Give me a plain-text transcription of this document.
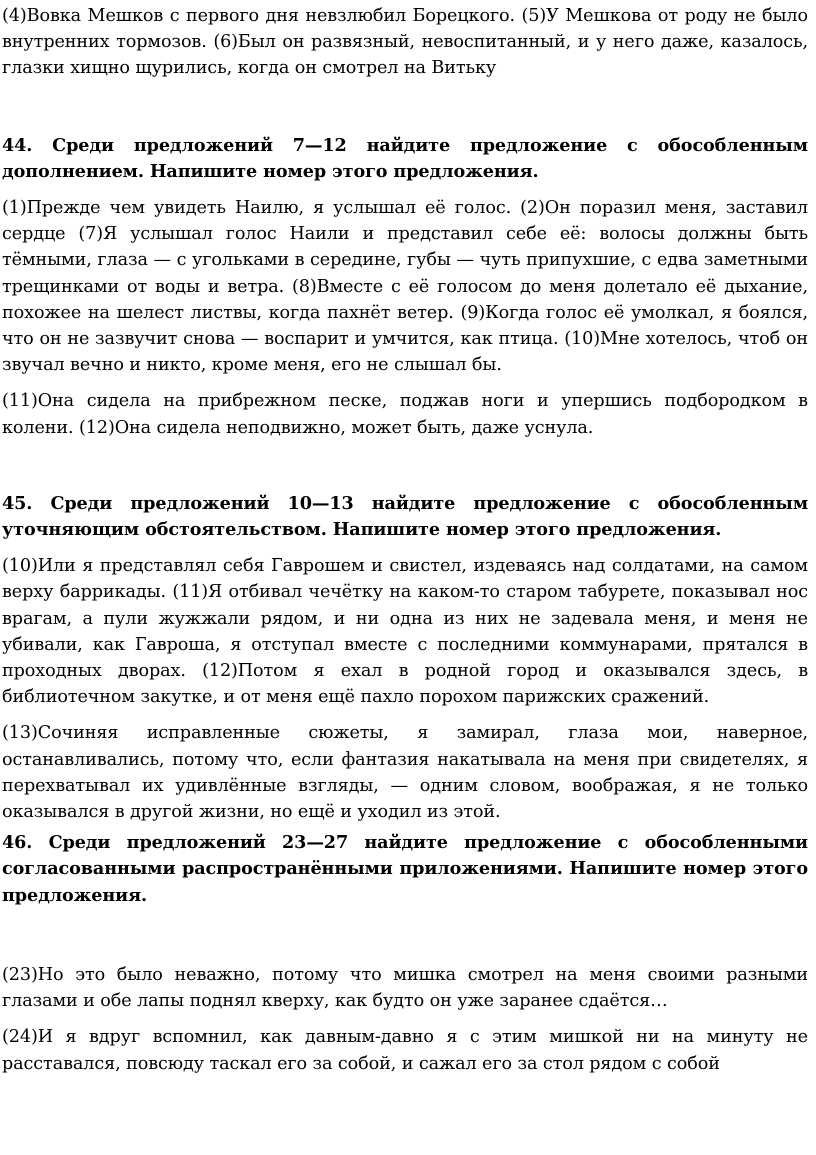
(4)Вовка Мешков с первого дня невзлюбил Борецкого. (5)У Мешкова от роду не было внутренних тормозов. (6)Был он развязный, невоспитанный, и у него даже, казалось, глазки хищно щурились, когда он смотрел на Витьку

44. Среди предложений 7—12 найдите предложение с обособленным дополнением. Напишите номер этого предложения.

(1)Прежде чем увидеть Наилю, я услышал её голос. (2)Он поразил меня, заставил сердце (7)Я услышал голос Наили и представил себе её: волосы должны быть тёмными, глаза — с угольками в середине, губы — чуть припухшие, с едва заметными трещинками от воды и ветра. (8)Вместе с её голосом до меня долетало её дыхание, похожее на шелест листвы, когда пахнёт ветер. (9)Когда голос её умолкал, я боялся, что он не зазвучит снова — воспарит и умчится, как птица. (10)Мне хотелось, чтоб он звучал вечно и никто, кроме меня, его не слышал бы.

(11)Она сидела на прибрежном песке, поджав ноги и упершись подбородком в колени. (12)Она сидела неподвижно, может быть, даже уснула.

45. Среди предложений 10—13 найдите предложение с обособленным уточняющим обстоятельством. Напишите номер этого предложения.

(10)Или я представлял себя Гаврошем и свистел, издеваясь над солдатами, на самом верху баррикады. (11)Я отбивал чечётку на каком-то старом табурете, показывал нос врагам, а пули жужжали рядом, и ни одна из них не задевала меня, и меня не убивали, как Гавроша, я отступал вместе с последними коммунарами, прятался в проходных дворах. (12)Потом я ехал в родной город и оказывался здесь, в библиотечном закутке, и от меня ещё пахло порохом парижских сражений.

(13)Сочиняя исправленные сюжеты, я замирал, глаза мои, наверное, останавливались, потому что, если фантазия накатывала на меня при свидетелях, я перехватывал их удивлённые взгляды, — одним словом, воображая, я не только оказывался в другой жизни, но ещё и уходил из этой.

46. Среди предложений 23—27 найдите предложение с обособленными согласованными распространёнными приложениями. Напишите номер этого предложения.

(23)Но это было неважно, потому что мишка смотрел на меня своими разными глазами и обе лапы поднял кверху, как будто он уже заранее сдаётся…

(24)И я вдруг вспомнил, как давным-давно я с этим мишкой ни на минуту не расставался, повсюду таскал его за собой, и сажал его за стол рядом с собой
